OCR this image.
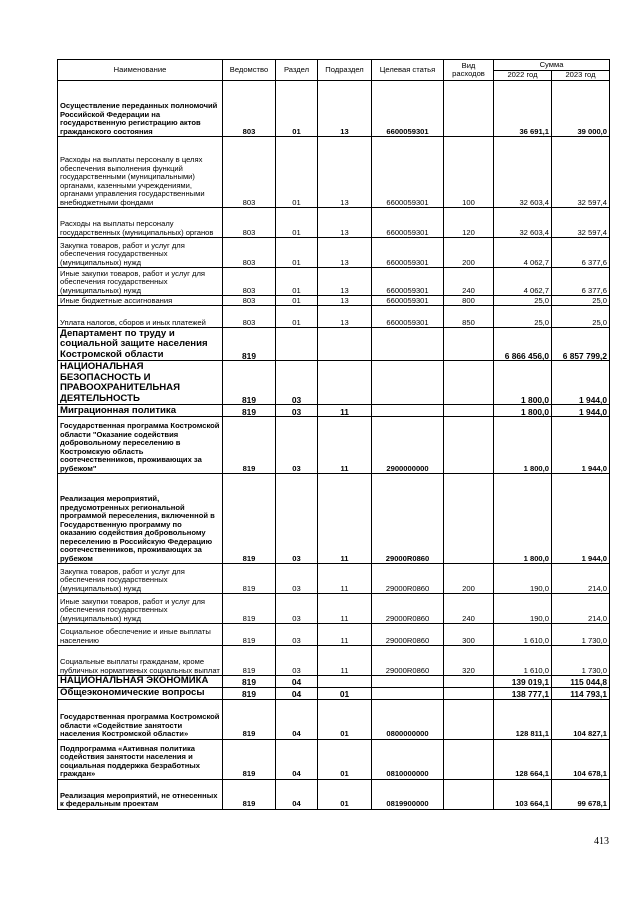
Наименование	Ведомство	Раздел	Подраздел	Целевая статья	Вид расходов	Сумма	
						2022 год	2023 год
Осуществление переданных полномочий Российской Федерации на государственную регистрацию актов гражданского состояния	803	01	13	6600059301		36 691,1	39 000,0
Расходы на выплаты персоналу в целях обеспечения выполнения функций государственными (муниципальными) органами, казенными учреждениями, органами управления государственными внебюджетными фондами	803	01	13	6600059301	100	32 603,4	32 597,4
Расходы на выплаты персоналу государственных (муниципальных) органов	803	01	13	6600059301	120	32 603,4	32 597,4
Закупка товаров, работ и услуг для обеспечения государственных (муниципальных) нужд	803	01	13	6600059301	200	4 062,7	6 377,6
Иные закупки товаров, работ и услуг для обеспечения государственных (муниципальных) нужд	803	01	13	6600059301	240	4 062,7	6 377,6
Иные бюджетные ассигнования	803	01	13	6600059301	800	25,0	25,0
Уплата налогов, сборов и иных платежей	803	01	13	6600059301	850	25,0	25,0
Департамент по труду и социальной защите населения Костромской области	819					6 866 456,0	6 857 799,2
НАЦИОНАЛЬНАЯ БЕЗОПАСНОСТЬ И ПРАВООХРАНИТЕЛЬНАЯ ДЕЯТЕЛЬНОСТЬ	819	03				1 800,0	1 944,0
Миграционная политика	819	03	11			1 800,0	1 944,0
Государственная программа Костромской области "Оказание содействия добровольному переселению в Костромскую область соотечественников, проживающих за рубежом"	819	03	11	2900000000		1 800,0	1 944,0
Реализация мероприятий, предусмотренных региональной программой переселения, включенной в Государственную программу по оказанию содействия добровольному переселению в Российскую Федерацию соотечественников, проживающих за рубежом	819	03	11	29000R0860		1 800,0	1 944,0
Закупка товаров, работ и услуг для обеспечения государственных (муниципальных) нужд	819	03	11	29000R0860	200	190,0	214,0
Иные закупки товаров, работ и услуг для обеспечения государственных (муниципальных) нужд	819	03	11	29000R0860	240	190,0	214,0
Социальное обеспечение и иные выплаты населению	819	03	11	29000R0860	300	1 610,0	1 730,0
Социальные выплаты гражданам, кроме публичных нормативных социальных выплат	819	03	11	29000R0860	320	1 610,0	1 730,0
НАЦИОНАЛЬНАЯ ЭКОНОМИКА	819	04				139 019,1	115 044,8
Общеэкономические вопросы	819	04	01			138 777,1	114 793,1
Государственная программа Костромской области «Содействие занятости населения Костромской области»	819	04	01	0800000000		128 811,1	104 827,1
Подпрограмма «Активная политика содействия занятости населения и социальная поддержка безработных граждан»	819	04	01	0810000000		128 664,1	104 678,1
Реализация мероприятий, не отнесенных к федеральным проектам	819	04	01	0819900000		103 664,1	99 678,1
413
